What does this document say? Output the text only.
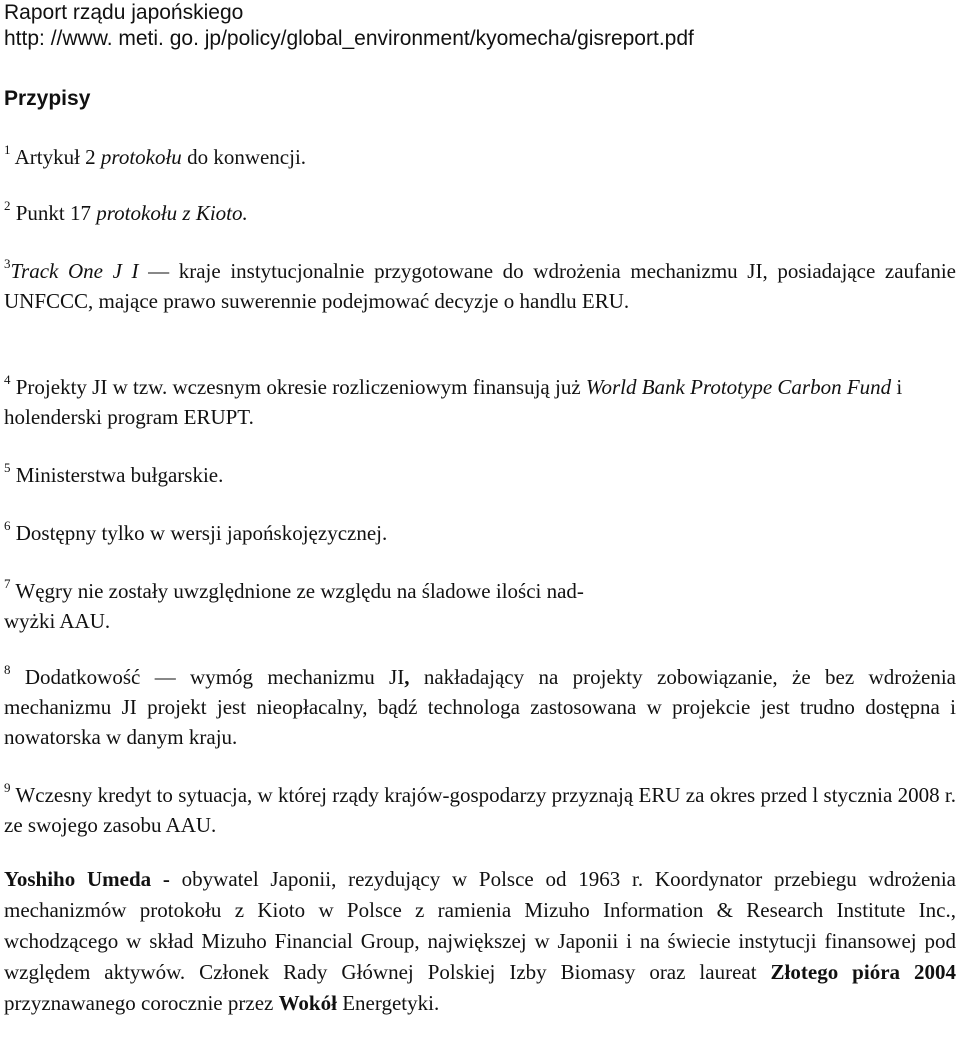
Raport rządu japońskiego
http: //www. meti. go. jp/policy/global_environment/kyomecha/gisreport.pdf
Przypisy
$^1$ Artykuł 2 protokołu do konwencji.
$^2$ Punkt 17 protokołu z Kioto.
$^3$Track One J I — kraje instytucjonalnie przygotowane do wdrożenia mechanizmu JI, posiadające zaufanie UNFCCC, mające prawo suwerennie podejmować decyzje o handlu ERU.
$^4$ Projekty JI w tzw. wczesnym okresie rozliczeniowym finansują już World Bank Prototype Carbon Fund i holenderski program ERUPT.
$^5$ Ministerstwa bułgarskie.
$^6$ Dostępny tylko w wersji japońskojęzycznej.
$^7$ Węgry nie zostały uwzględnione ze względu na śladowe ilości nad-
wyżki AAU.
$^8$ Dodatkowość — wymóg mechanizmu JI, nakładający na projekty zobowiązanie, że bez wdrożenia mechanizmu JI projekt jest nieopłacalny, bądź technologa zastosowana w projekcie jest trudno dostępna i nowatorska w danym kraju.
$^9$ Wczesny kredyt to sytuacja, w której rządy krajów-gospodarzy przyznają ERU za okres przed l stycznia 2008 r. ze swojego zasobu AAU.
Yoshiho Umeda - obywatel Japonii, rezydujący w Polsce od 1963 r. Koordynator przebiegu wdrożenia mechanizmów protokołu z Kioto w Polsce z ramienia Mizuho Information & Research Institute Inc., wchodzącego w skład Mizuho Financial Group, największej w Japonii i na świecie instytucji finansowej pod względem aktywów. Członek Rady Głównej Polskiej Izby Biomasy oraz laureat Złotego pióra 2004 przyznawanego corocznie przez Wokół Energetyki.
